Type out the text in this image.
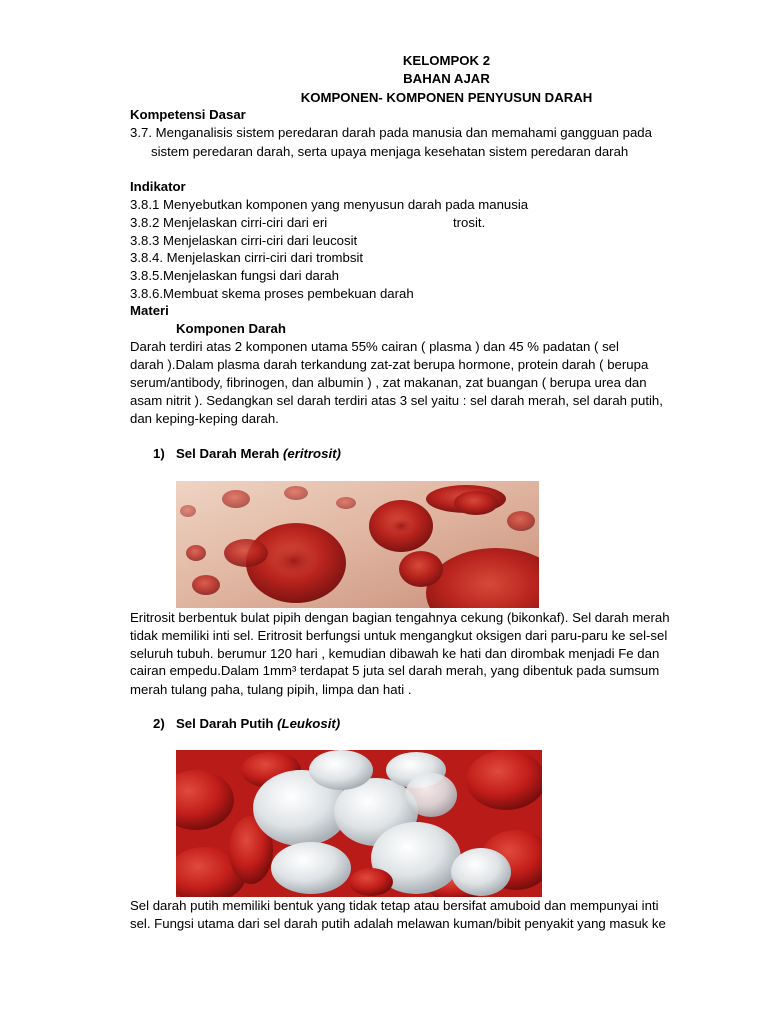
KELOMPOK 2
BAHAN AJAR
KOMPONEN- KOMPONEN PENYUSUN DARAH
Kompetensi Dasar
3.7. Menganalisis sistem peredaran darah pada manusia dan memahami gangguan pada
sistem peredaran darah, serta upaya menjaga kesehatan sistem peredaran darah
Indikator
3.8.1 Menyebutkan komponen yang menyusun darah pada manusia
3.8.2 Menjelaskan cirri-ciri dari eri	trosit.
3.8.3 Menjelaskan cirri-ciri dari leucosit
3.8.4. Menjelaskan cirri-ciri dari trombsit
3.8.5.Menjelaskan fungsi dari darah
3.8.6.Membuat skema proses pembekuan darah
Materi
Komponen Darah
Darah terdiri atas 2 komponen utama 55% cairan ( plasma ) dan 45 % padatan ( sel
darah ).Dalam plasma darah terkandung zat-zat berupa hormone, protein darah ( berupa
serum/antibody, fibrinogen, dan albumin ) , zat makanan, zat buangan ( berupa urea dan
asam nitrit ). Sedangkan sel darah terdiri atas 3 sel yaitu : sel darah merah, sel darah putih,
dan keping-keping darah.
1) Sel Darah Merah (eritrosit)
Eritrosit berbentuk bulat pipih dengan bagian tengahnya cekung (bikonkaf). Sel darah merah
tidak memiliki inti sel. Eritrosit berfungsi untuk mengangkut oksigen dari paru-paru ke sel-sel
seluruh tubuh. berumur 120 hari , kemudian dibawah ke hati dan dirombak menjadi Fe dan
cairan empedu.Dalam 1mm³ terdapat 5 juta sel darah merah, yang dibentuk pada sumsum
merah tulang paha, tulang pipih, limpa dan hati .
2) Sel Darah Putih (Leukosit)
Sel darah putih memiliki bentuk yang tidak tetap atau bersifat amuboid dan mempunyai inti
sel. Fungsi utama dari sel darah putih adalah melawan kuman/bibit penyakit yang masuk ke
